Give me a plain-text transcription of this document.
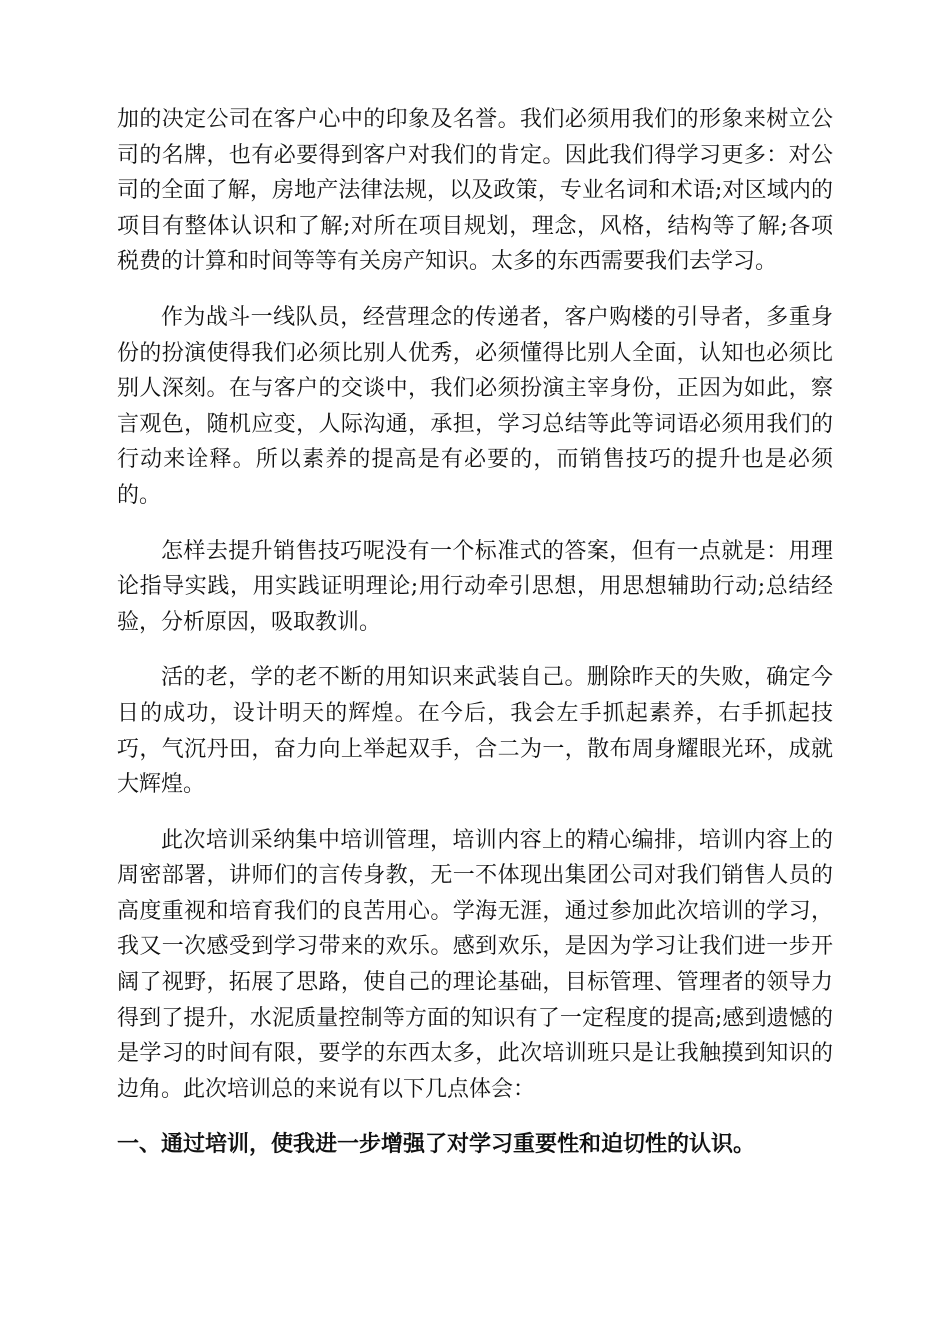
加的决定公司在客户心中的印象及名誉。我们必须用我们的形象来树立公司的名牌，也有必要得到客户对我们的肯定。因此我们得学习更多：对公司的全面了解，房地产法律法规，以及政策，专业名词和术语;对区域内的项目有整体认识和了解;对所在项目规划，理念，风格，结构等了解;各项税费的计算和时间等等有关房产知识。太多的东西需要我们去学习。

作为战斗一线队员，经营理念的传递者，客户购楼的引导者，多重身份的扮演使得我们必须比别人优秀，必须懂得比别人全面，认知也必须比别人深刻。在与客户的交谈中，我们必须扮演主宰身份，正因为如此，察言观色，随机应变，人际沟通，承担，学习总结等此等词语必须用我们的行动来诠释。所以素养的提高是有必要的，而销售技巧的提升也是必须的。

怎样去提升销售技巧呢没有一个标准式的答案，但有一点就是：用理论指导实践，用实践证明理论;用行动牵引思想，用思想辅助行动;总结经验，分析原因，吸取教训。

活的老，学的老不断的用知识来武装自己。删除昨天的失败，确定今日的成功，设计明天的辉煌。在今后，我会左手抓起素养，右手抓起技巧，气沉丹田，奋力向上举起双手，合二为一，散布周身耀眼光环，成就大辉煌。

此次培训采纳集中培训管理，培训内容上的精心编排，培训内容上的周密部署，讲师们的言传身教，无一不体现出集团公司对我们销售人员的高度重视和培育我们的良苦用心。学海无涯，通过参加此次培训的学习，我又一次感受到学习带来的欢乐。感到欢乐，是因为学习让我们进一步开阔了视野，拓展了思路，使自己的理论基础，目标管理、管理者的领导力得到了提升，水泥质量控制等方面的知识有了一定程度的提高;感到遗憾的是学习的时间有限，要学的东西太多，此次培训班只是让我触摸到知识的边角。此次培训总的来说有以下几点体会：

一、通过培训，使我进一步增强了对学习重要性和迫切性的认识。
